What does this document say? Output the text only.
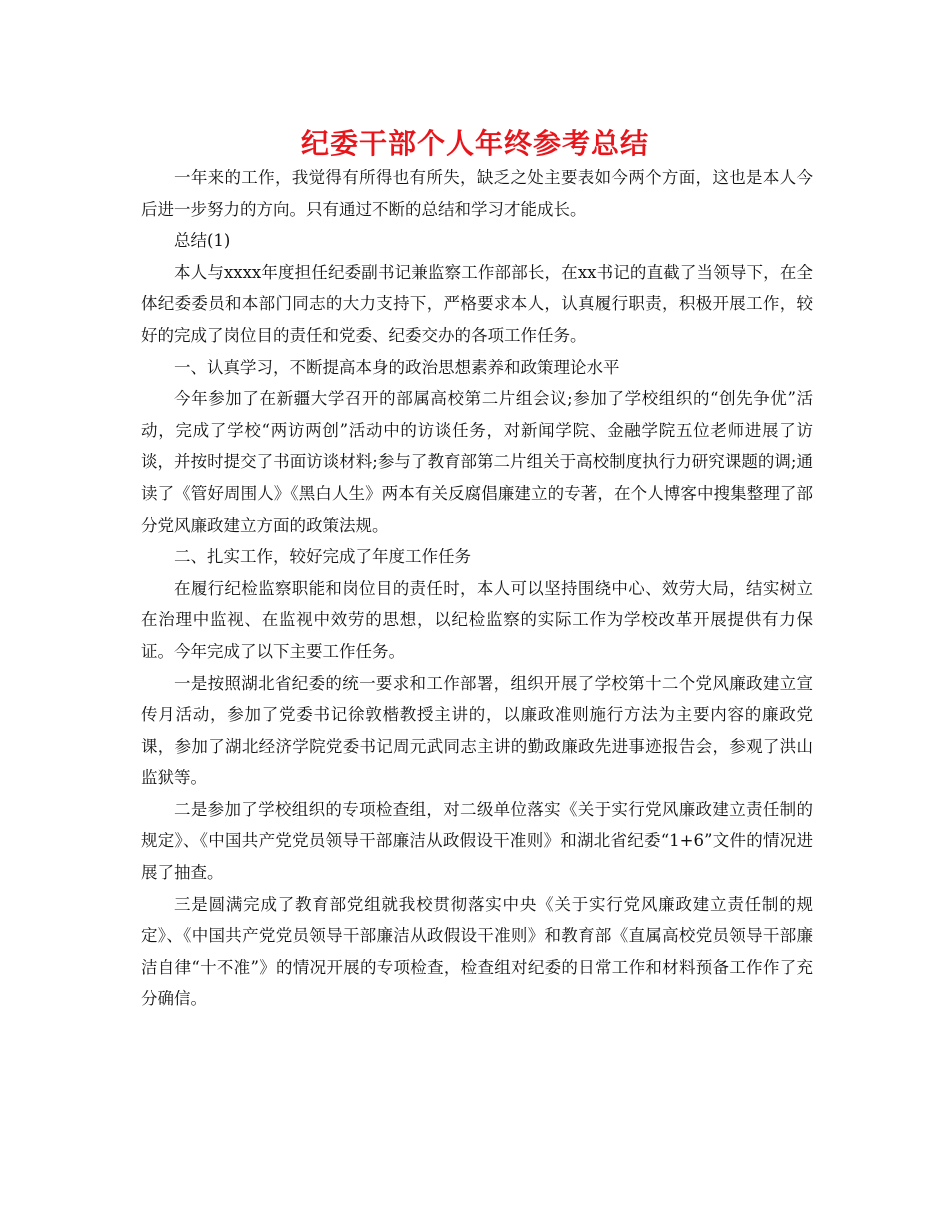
纪委干部个人年终参考总结

一年来的工作，我觉得有所得也有所失，缺乏之处主要表如今两个方面，这也是本人今后进一步努力的方向。只有通过不断的总结和学习才能成长。

总结(1)

本人与xxxx年度担任纪委副书记兼监察工作部部长，在xx书记的直截了当领导下，在全体纪委委员和本部门同志的大力支持下，严格要求本人，认真履行职责，积极开展工作，较好的完成了岗位目的责任和党委、纪委交办的各项工作任务。

一、认真学习，不断提高本身的政治思想素养和政策理论水平

今年参加了在新疆大学召开的部属高校第二片组会议;参加了学校组织的“创先争优”活动，完成了学校“两访两创”活动中的访谈任务，对新闻学院、金融学院五位老师进展了访谈，并按时提交了书面访谈材料;参与了教育部第二片组关于高校制度执行力研究课题的调;通读了《管好周围人》《黑白人生》两本有关反腐倡廉建立的专著，在个人博客中搜集整理了部分党风廉政建立方面的政策法规。

二、扎实工作，较好完成了年度工作任务

在履行纪检监察职能和岗位目的责任时，本人可以坚持围绕中心、效劳大局，结实树立在治理中监视、在监视中效劳的思想，以纪检监察的实际工作为学校改革开展提供有力保证。今年完成了以下主要工作任务。

一是按照湖北省纪委的统一要求和工作部署，组织开展了学校第十二个党风廉政建立宣传月活动，参加了党委书记徐敦楷教授主讲的，以廉政准则施行方法为主要内容的廉政党课，参加了湖北经济学院党委书记周元武同志主讲的勤政廉政先进事迹报告会，参观了洪山监狱等。

二是参加了学校组织的专项检查组，对二级单位落实《关于实行党风廉政建立责任制的规定》、《中国共产党党员领导干部廉洁从政假设干准则》和湖北省纪委“1+6”文件的情况进展了抽查。

三是圆满完成了教育部党组就我校贯彻落实中央《关于实行党风廉政建立责任制的规定》、《中国共产党党员领导干部廉洁从政假设干准则》和教育部《直属高校党员领导干部廉洁自律“十不准”》的情况开展的专项检查，检查组对纪委的日常工作和材料预备工作作了充分确信。
